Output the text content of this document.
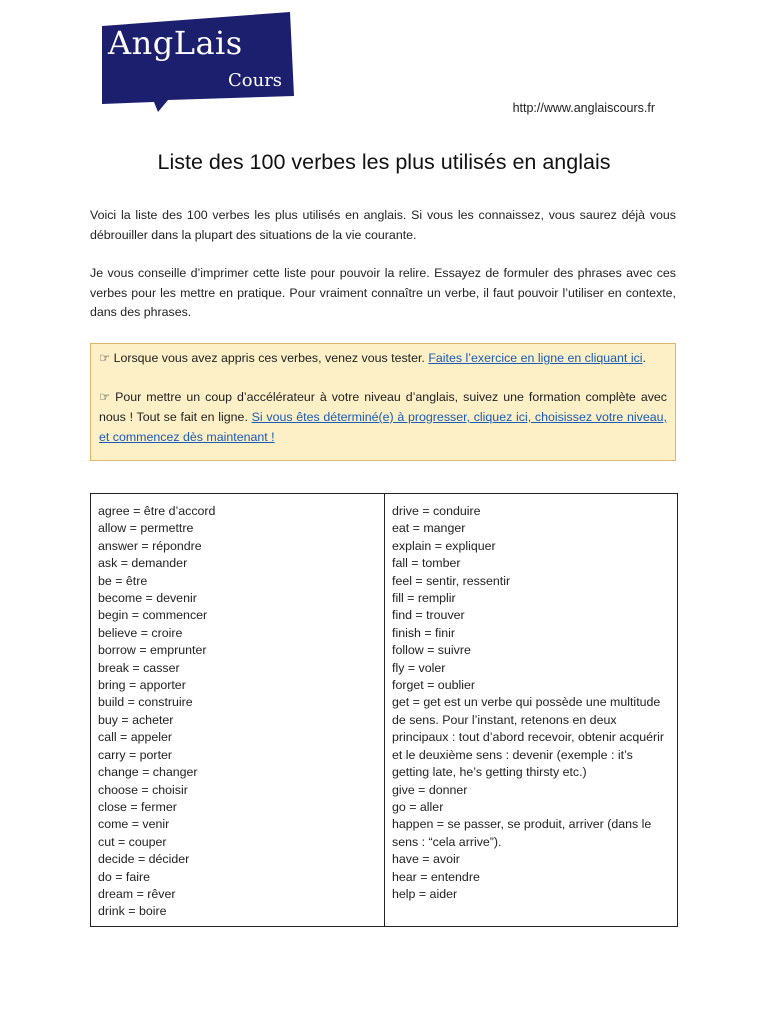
AngLais
Cours
http://www.anglaiscours.fr
Liste des 100 verbes les plus utilisés en anglais
Voici la liste des 100 verbes les plus utilisés en anglais. Si vous les connaissez, vous saurez déjà vous débrouiller dans la plupart des situations de la vie courante.
Je vous conseille d’imprimer cette liste pour pouvoir la relire. Essayez de formuler des phrases avec ces verbes pour les mettre en pratique. Pour vraiment connaître un verbe, il faut pouvoir l’utiliser en contexte, dans des phrases.

☞ Lorsque vous avez appris ces verbes, venez vous tester. Faites l’exercice en ligne en cliquant ici.

☞ Pour mettre un coup d’accélérateur à votre niveau d’anglais, suivez une formation complète avec nous ! Tout se fait en ligne. Si vous êtes déterminé(e) à progresser, cliquez ici, choisissez votre niveau, et commencez dès maintenant !

agree = être d’accord
allow = permettre
answer = répondre
ask = demander
be = être
become = devenir
begin = commencer
believe = croire
borrow = emprunter
break = casser
bring = apporter
build = construire
buy = acheter
call = appeler
carry = porter
change = changer
choose = choisir
close = fermer
come = venir
cut = couper
decide = décider
do = faire
dream = rêver
drink = boire
drive = conduire
eat = manger
explain = expliquer
fall = tomber
feel = sentir, ressentir
fill = remplir
find = trouver
finish = finir
follow = suivre
fly = voler
forget = oublier
get = get est un verbe qui possède une multitude de sens. Pour l’instant, retenons en deux principaux : tout d’abord recevoir, obtenir acquérir et le deuxième sens : devenir (exemple : it’s getting late, he’s getting thirsty etc.)
give = donner
go = aller
happen = se passer, se produit, arriver (dans le sens : “cela arrive”).
have = avoir
hear = entendre
help = aider
